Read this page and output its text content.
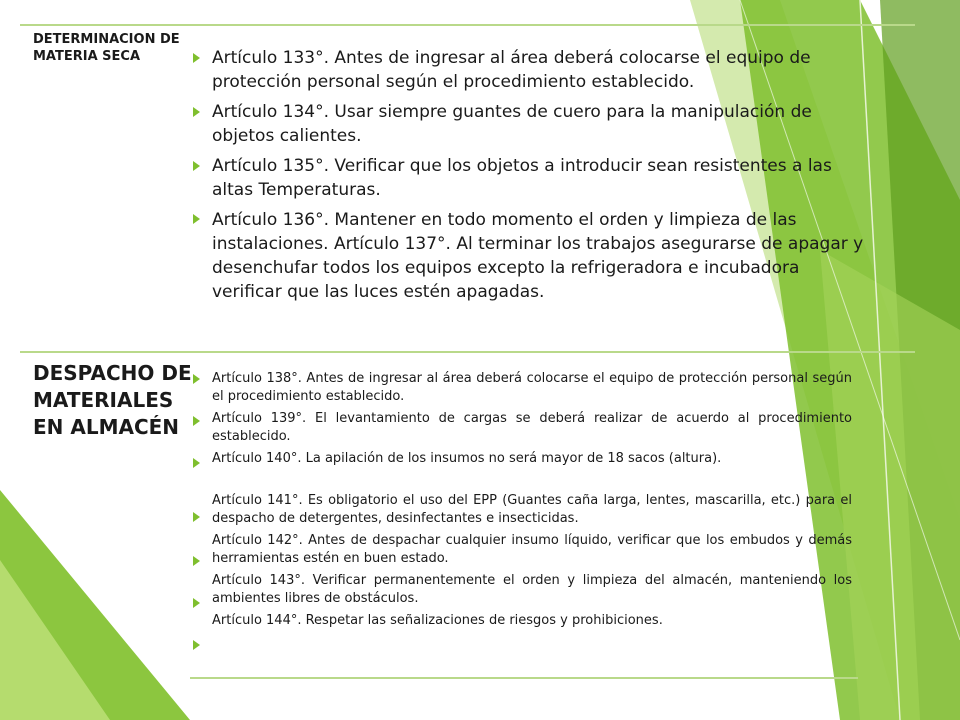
DETERMINACION DE MATERIA SECA	Artículo 133°. Antes de ingresar al área deberá colocarse el equipo de protección personal según el procedimiento establecido.

Artículo 134°. Usar siempre guantes de cuero para la manipulación de objetos calientes.

Artículo 135°. Verificar que los objetos a introducir sean resistentes a las altas Temperaturas.

Artículo 136°. Mantener en todo momento el orden y limpieza de las instalaciones. Artículo 137°. Al terminar los trabajos asegurarse de apagar y desenchufar todos los equipos excepto la refrigeradora e incubadora verificar que las luces estén apagadas.

DESPACHO DE MATERIALES EN ALMACÉN

Artículo 138°. Antes de ingresar al área deberá colocarse el equipo de protección personal según el procedimiento establecido.

Artículo 139°. El levantamiento de cargas se deberá realizar de acuerdo al procedimiento establecido.

Artículo 140°. La apilación de los insumos no será mayor de 18 sacos (altura).

Artículo 141°. Es obligatorio el uso del EPP (Guantes caña larga, lentes, mascarilla, etc.) para el despacho de detergentes, desinfectantes e insecticidas.

Artículo 142°. Antes de despachar cualquier insumo líquido, verificar que los embudos y demás herramientas estén en buen estado.

Artículo 143°. Verificar permanentemente el orden y limpieza del almacén, manteniendo los ambientes libres de obstáculos.

Artículo 144°. Respetar las señalizaciones de riesgos y prohibiciones.
